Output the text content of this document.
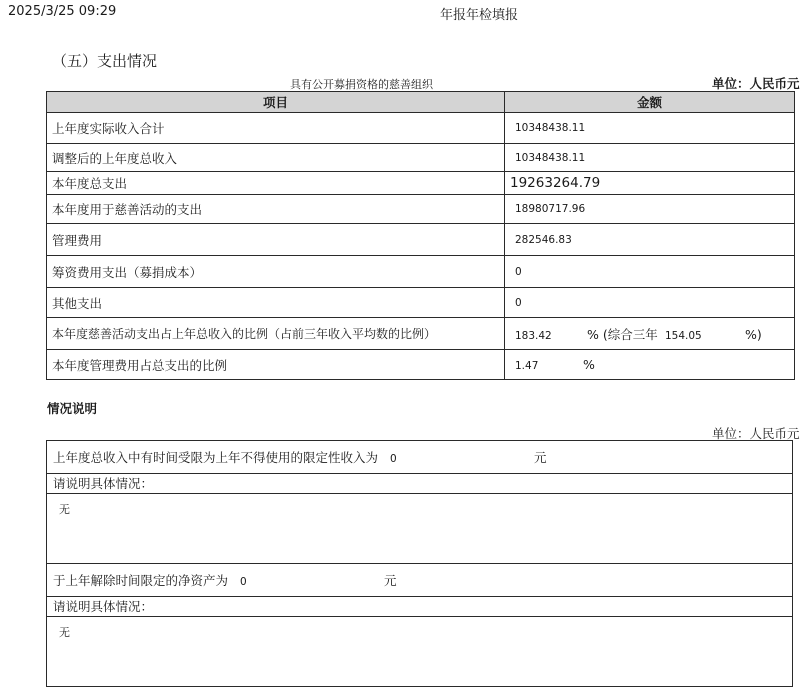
2025/3/25 09:29	年报年检填报
（五）支出情况
具有公开募捐资格的慈善组织	单位：人民币元
项目	金额
上年度实际收入合计	10348438.11
调整后的上年度总收入	10348438.11
本年度总支出	19263264.79
本年度用于慈善活动的支出	18980717.96
管理费用	282546.83
筹资费用支出（募捐成本）	0
其他支出	0
本年度慈善活动支出占上年总收入的比例（占前三年收入平均数的比例）	183.42 % (综合三年 154.05 %)
本年度管理费用占总支出的比例	1.47 %
情况说明
单位：人民币元
上年度总收入中有时间受限为上年不得使用的限定性收入为 0	元
请说明具体情况：
无
于上年解除时间限定的净资产为 0	元
请说明具体情况：
无
